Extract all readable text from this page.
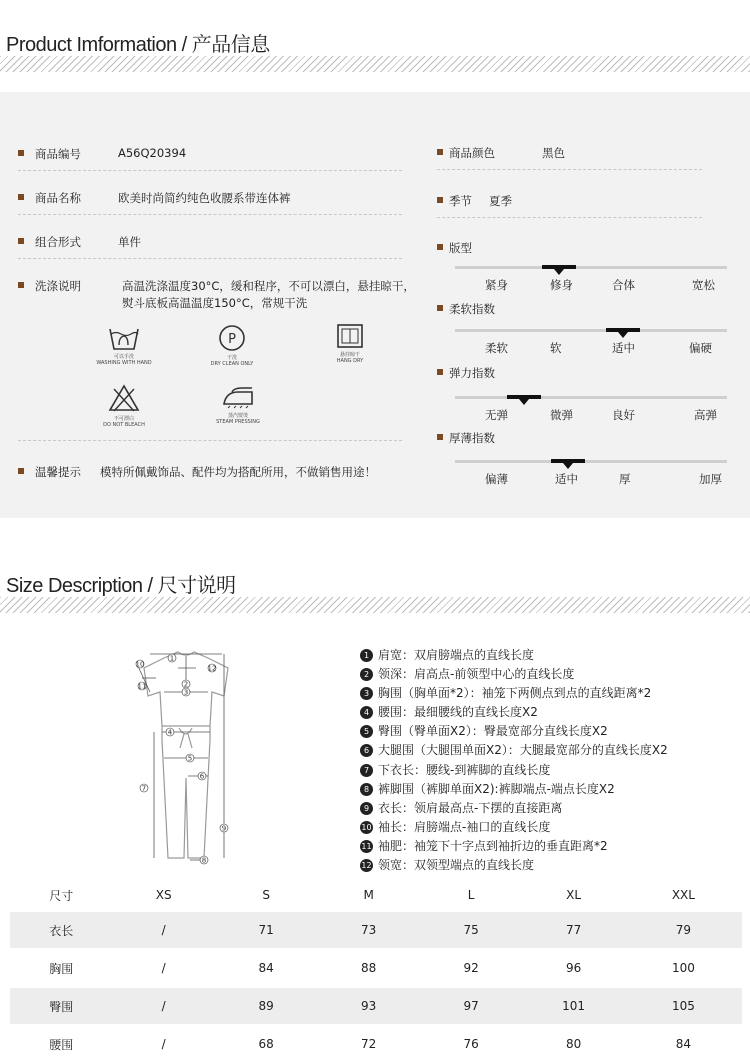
Product Imformation / 产品信息
商品编号	A56Q20394
商品名称	欧美时尚简约纯色收腰系带连体裤
组合形式	单件
洗涤说明	高温洗涤温度30°C，缓和程序，不可以漂白，悬挂晾干，熨斗底板高温温度150°C，常规干洗
可以手洗
WASHING WITH HAND
P
干洗
DRY CLEAN ONLY
悬挂晾干
HANG DRY
不可漂白
DO NOT BLEACH
蒸汽熨烫
STEAM PRESSING
温馨提示 模特所佩戴饰品、配件均为搭配所用，不做销售用途！
商品颜色	黑色
季节 夏季
版型
紧身	修身	合体	宽松
柔软指数
柔软	软	适中	偏硬
弹力指数
无弹	微弹	良好	高弹
厚薄指数
偏薄	适中	厚	加厚
Size Description / 尺寸说明
1
2
3
4
5
6
7
8
9
10
11
12
1 肩宽：双肩膀端点的直线长度
2 领深：肩高点-前领型中心的直线长度
3 胸围（胸单面*2）：袖笼下两侧点到点的直线距离*2
4 腰围：最细腰线的直线长度X2
5 臀围（臀单面X2）：臀最宽部分直线长度X2
6 大腿围（大腿围单面X2）：大腿最宽部分的直线长度X2
7 下衣长：腰线-到裤脚的直线长度
8 裤脚围（裤脚单面X2):裤脚端点-端点长度X2
9 衣长：领肩最高点-下摆的直接距离
10 袖长：肩膀端点-袖口的直线长度
11 袖肥：袖笼下十字点到袖折边的垂直距离*2
12 领宽：双领型端点的直线长度
尺寸	XS	S	M	L	XL	XXL
衣长	/	71	73	75	77	79
胸围	/	84	88	92	96	100
臀围	/	89	93	97	101	105
腰围	/	68	72	76	80	84
